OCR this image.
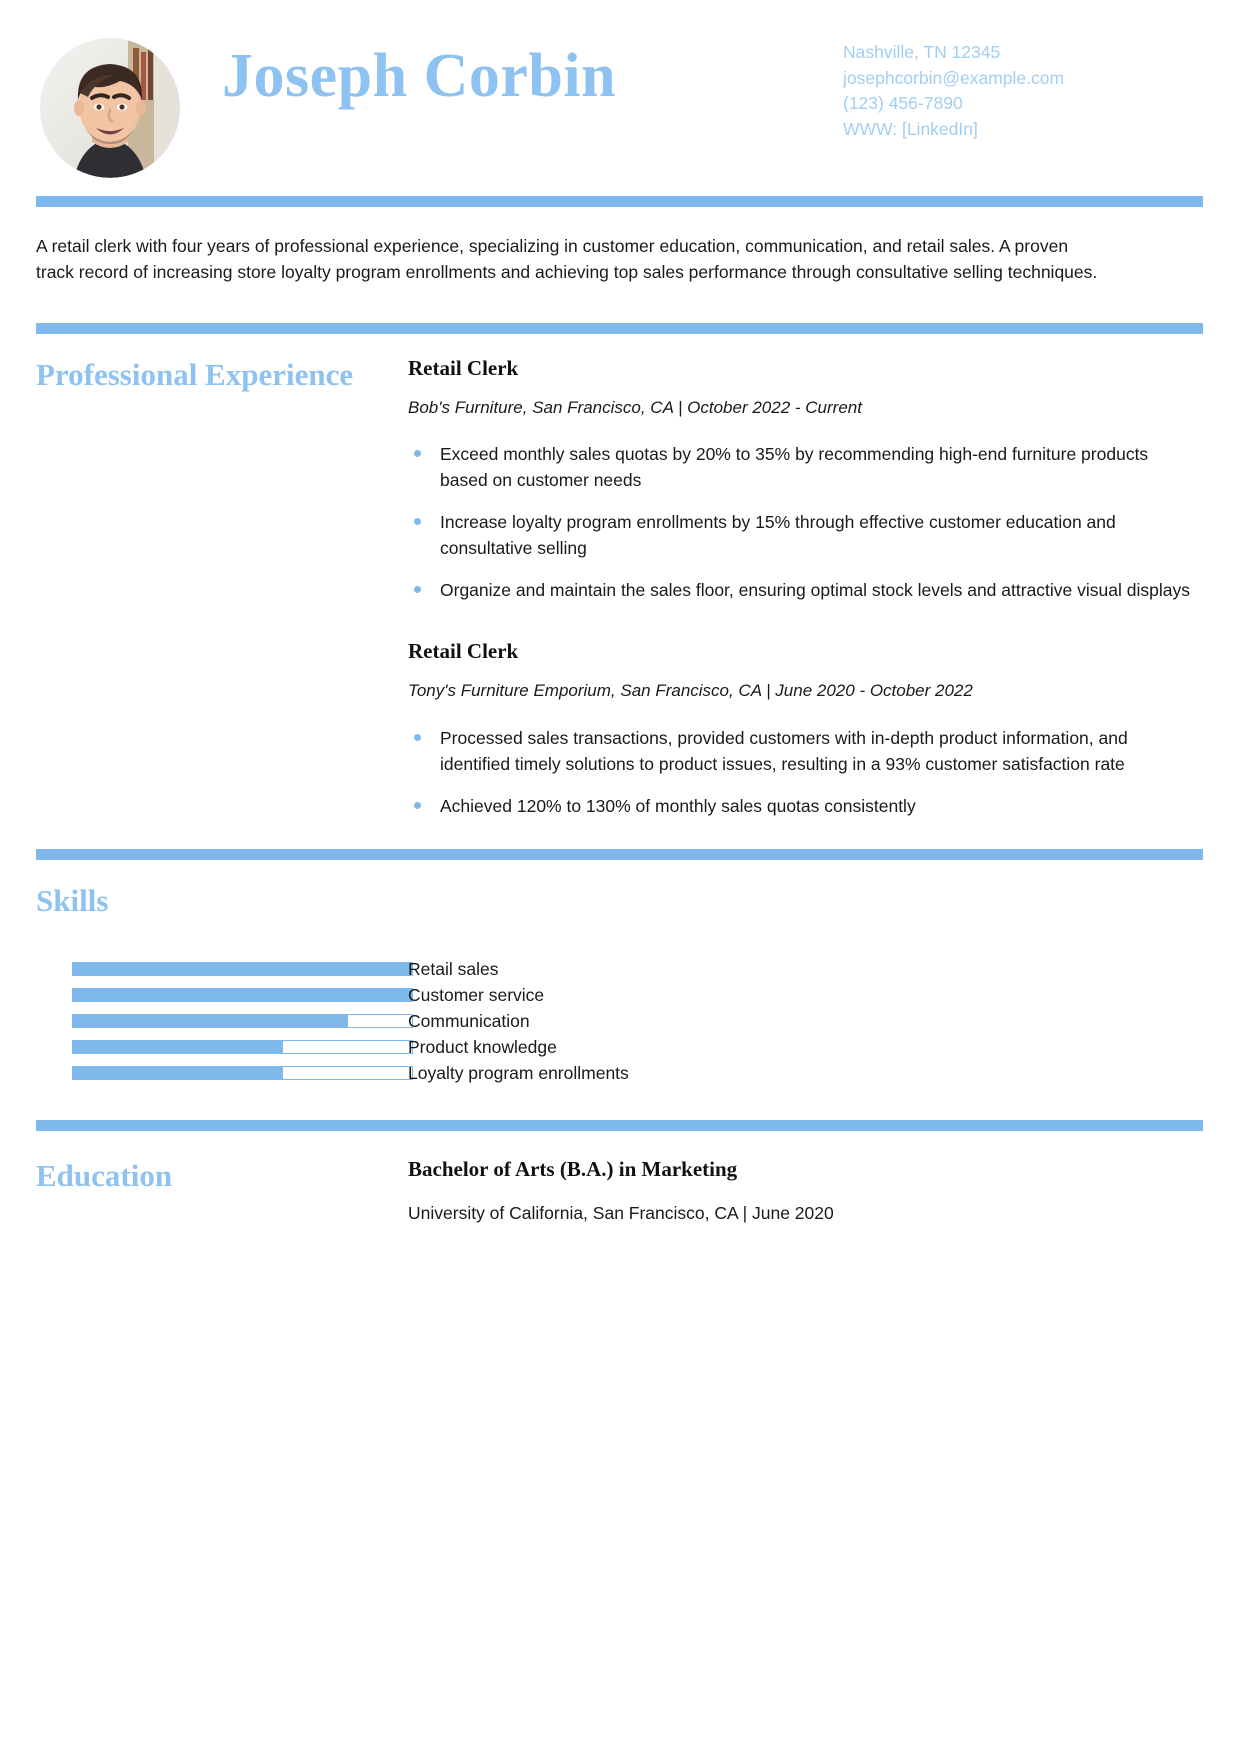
Joseph Corbin	Nashville, TN 12345
josephcorbin@example.com
(123) 456-7890
WWW: [LinkedIn]
A retail clerk with four years of professional experience, specializing in customer education, communication, and retail sales. A proven track record of increasing store loyalty program enrollments and achieving top sales performance through consultative selling techniques.
Professional Experience	Retail Clerk
Bob's Furniture, San Francisco, CA | October 2022 - Current
Exceed monthly sales quotas by 20% to 35% by recommending high-end furniture products based on customer needs
Increase loyalty program enrollments by 15% through effective customer education and consultative selling
Organize and maintain the sales floor, ensuring optimal stock levels and attractive visual displays
Retail Clerk
Tony's Furniture Emporium, San Francisco, CA | June 2020 - October 2022
Processed sales transactions, provided customers with in-depth product information, and identified timely solutions to product issues, resulting in a 93% customer satisfaction rate
Achieved 120% to 130% of monthly sales quotas consistently
Skills
Retail sales
Customer service
Communication
Product knowledge
Loyalty program enrollments
Education	Bachelor of Arts (B.A.) in Marketing
University of California, San Francisco, CA | June 2020
